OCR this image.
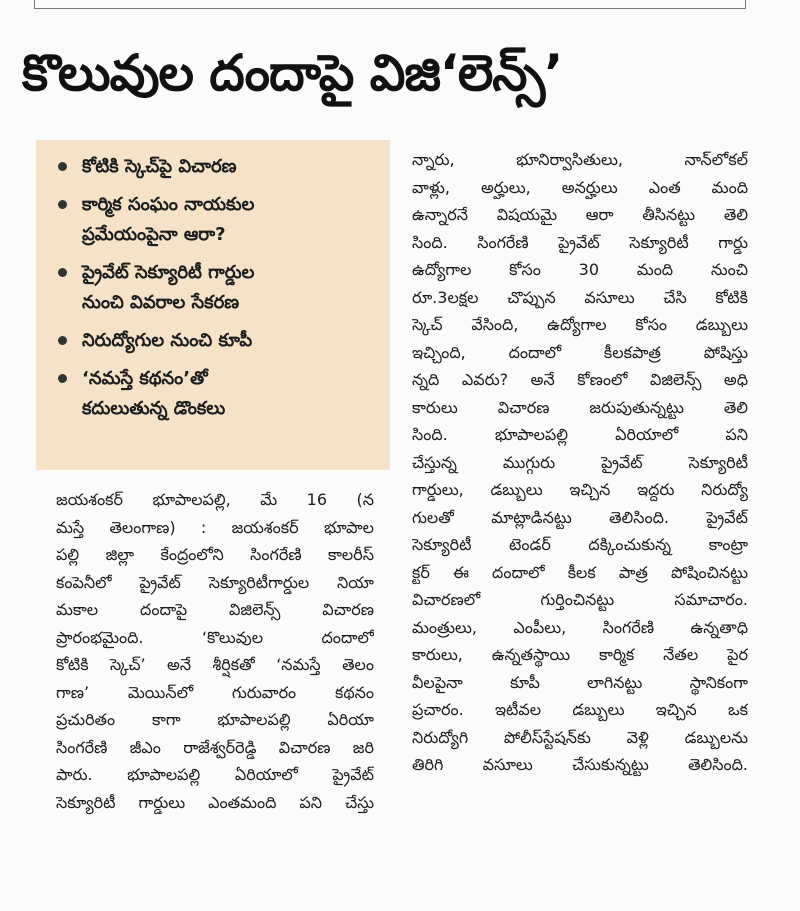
కొలువుల దందాపై విజి‘లెన్స్’
కోటికి స్కెచ్‌పై విచారణ
కార్మిక సంఘం నాయకుల
ప్రమేయంపైనా ఆరా?
ప్రైవేట్ సెక్యూరిటీ గార్డుల
నుంచి వివరాల సేకరణ
నిరుద్యోగుల నుంచి కూపీ
‘నమస్తే కథనం’తో
కదులుతున్న డొంకలు
జయశంకర్ భూపాలపల్లి, మే 16 (న
మస్తే తెలంగాణ) : జయశంకర్ భూపాల
పల్లి జిల్లా కేంద్రంలోని సింగరేణి కాలరీస్
కంపెనీలో ప్రైవేట్ సెక్యూరిటీగార్డుల నియా
మకాల దందాపై విజిలెన్స్ విచారణ
ప్రారంభమైంది. ‘కొలువుల దందాలో
కోటికి స్కెచ్’ అనే శీర్షికతో ‘నమస్తే తెలం
గాణ’ మెయిన్‌లో గురువారం కథనం
ప్రచురితం కాగా భూపాలపల్లి ఏరియా
సింగరేణి జీఎం రాజేశ్వర్‌రెడ్డి విచారణ జరి
పారు. భూపాలపల్లి ఏరియాలో ప్రైవేట్
సెక్యూరిటీ గార్డులు ఎంతమంది పని చేస్తు
న్నారు, భూనిర్వాసితులు, నాన్‌లోకల్
వాళ్లు, అర్హులు, అనర్హులు ఎంత మంది
ఉన్నారనే విషయమై ఆరా తీసినట్టు తెలి
సింది. సింగరేణి ప్రైవేట్ సెక్యూరిటీ గార్డు
ఉద్యోగాల కోసం 30 మంది నుంచి
రూ.3లక్షల చొప్పున వసూలు చేసి కోటికి
స్కెచ్ వేసింది, ఉద్యోగాల కోసం డబ్బులు
ఇచ్చింది, దందాలో కీలకపాత్ర పోషిస్తు
న్నది ఎవరు? అనే కోణంలో విజిలెన్స్ అధి
కారులు విచారణ జరుపుతున్నట్టు తెలి
సింది. భూపాలపల్లి ఏరియాలో పని
చేస్తున్న ముగ్గురు ప్రైవేట్ సెక్యూరిటీ
గార్డులు, డబ్బులు ఇచ్చిన ఇద్దరు నిరుద్యో
గులతో మాట్లాడినట్టు తెలిసింది. ప్రైవేట్
సెక్యూరిటీ టెండర్ దక్కించుకున్న కాంట్రా
క్టర్ ఈ దందాలో కీలక పాత్ర పోషించినట్టు
విచారణలో గుర్తించినట్టు సమాచారం.
మంత్రులు, ఎంపీలు, సింగరేణి ఉన్నతాధి
కారులు, ఉన్నతస్థాయి కార్మిక నేతల పైర
వీలపైనా కూపీ లాగినట్టు స్థానికంగా
ప్రచారం. ఇటీవల డబ్బులు ఇచ్చిన ఒక
నిరుద్యోగి పోలీస్‌స్టేషన్‌కు వెళ్లి డబ్బులను
తిరిగి వసూలు చేసుకున్నట్టు తెలిసింది.
